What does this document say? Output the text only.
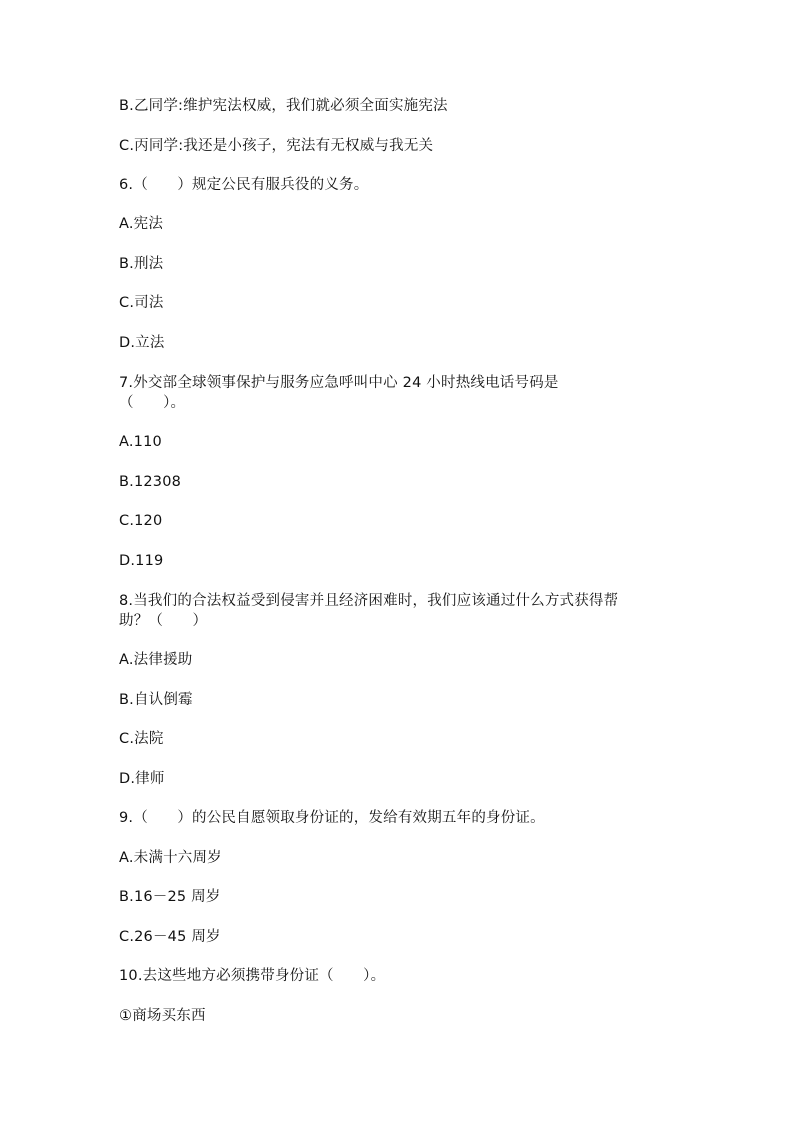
B.乙同学:维护宪法权威，我们就必须全面实施宪法
C.丙同学:我还是小孩子，宪法有无权威与我无关
6.（　　）规定公民有服兵役的义务。
A.宪法
B.刑法
C.司法
D.立法
7.外交部全球领事保护与服务应急呼叫中心 24 小时热线电话号码是
（　　）。
A.110
B.12308
C.120
D.119
8.当我们的合法权益受到侵害并且经济困难时，我们应该通过什么方式获得帮
助？（　　）
A.法律援助
B.自认倒霉
C.法院
D.律师
9.（　　）的公民自愿领取身份证的，发给有效期五年的身份证。
A.未满十六周岁
B.16－25 周岁
C.26－45 周岁
10.去这些地方必须携带身份证（　　）。
①商场买东西
